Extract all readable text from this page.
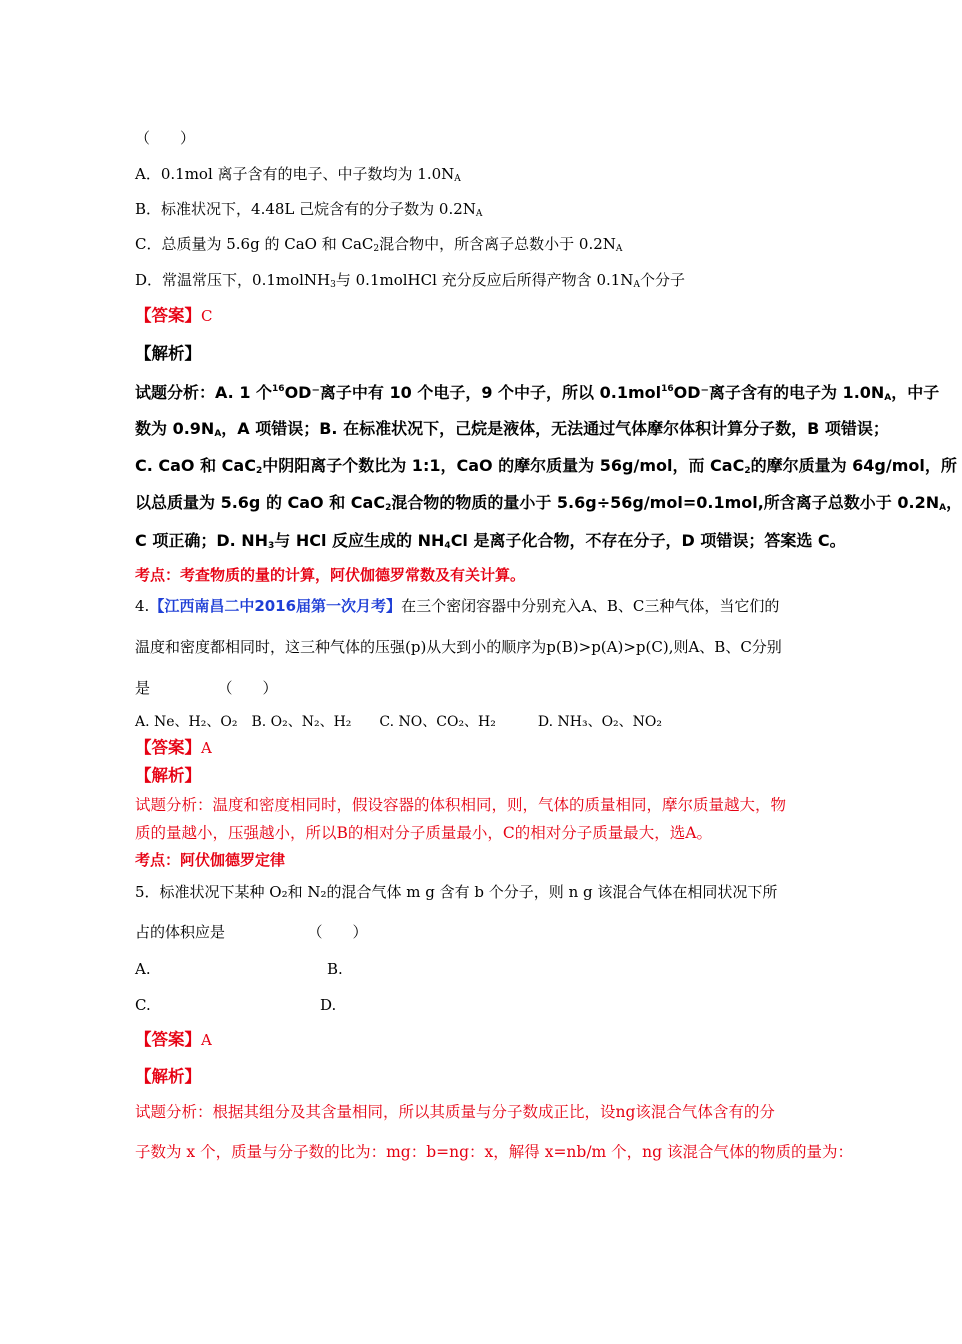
（　　）
A．0.1mol 离子含有的电子、中子数均为 $1.0N_A$
B．标准状况下，4.48L 己烷含有的分子数为 $0.2N_A$
C．总质量为 5.6g 的 CaO 和 CaC$_2$混合物中，所含离子总数小于 $0.2N_A$
D．常温常压下，0.1molNH$_3$与 0.1molHCl 充分反应后所得产物含 $0.1N_A$个分子
【答案】C
【解析】
试题分析：A. 1 个$^{16}$OD⁻离子中有 10 个电子，9 个中子，所以 0.1mol$^{16}$OD⁻离子含有的电子为 $1.0N_A$，中子
数为 $0.9N_A$，A 项错误；B. 在标准状况下，己烷是液体，无法通过气体摩尔体积计算分子数，B 项错误；
C. CaO 和 CaC$_2$中阴阳离子个数比为 1:1，CaO 的摩尔质量为 56g/mol，而 CaC$_2$的摩尔质量为 64g/mol，所
以总质量为 5.6g 的 CaO 和 CaC$_2$混合物的物质的量小于 5.6g÷56g/mol=0.1mol,所含离子总数小于 $0.2N_A$，
C 项正确；D. $NH_3$与 HCl 反应生成的 $NH_4Cl$ 是离子化合物，不存在分子，D 项错误；答案选 C。
考点：考查物质的量的计算，阿伏伽德罗常数及有关计算。
4.【江西南昌二中2016届第一次月考】在三个密闭容器中分别充入A、B、C三种气体，当它们的
温度和密度都相同时，这三种气体的压强(p)从大到小的顺序为p(B)>p(A)>p(C),则A、B、C分别
是　　　　　（　　）
A. Ne、H₂、O₂　B. O₂、N₂、H₂　　C. NO、CO₂、H₂　　　D. NH₃、O₂、NO₂
【答案】A
【解析】
试题分析：温度和密度相同时，假设容器的体积相同，则，气体的质量相同，摩尔质量越大，物
质的量越小，压强越小，所以B的相对分子质量最小，C的相对分子质量最大，选A。
考点：阿伏伽德罗定律
5．标准状况下某种 O₂和 N₂的混合气体 m g 含有 b 个分子，则 n g 该混合气体在相同状况下所
占的体积应是　　　　　　（　　）
A.	B.
C.	D.
【答案】A
【解析】
试题分析：根据其组分及其含量相同，所以其质量与分子数成正比，设ng该混合气体含有的分
子数为 x 个，质量与分子数的比为：mg：b=ng：x，解得 x=nb/m 个，ng 该混合气体的物质的量为：
